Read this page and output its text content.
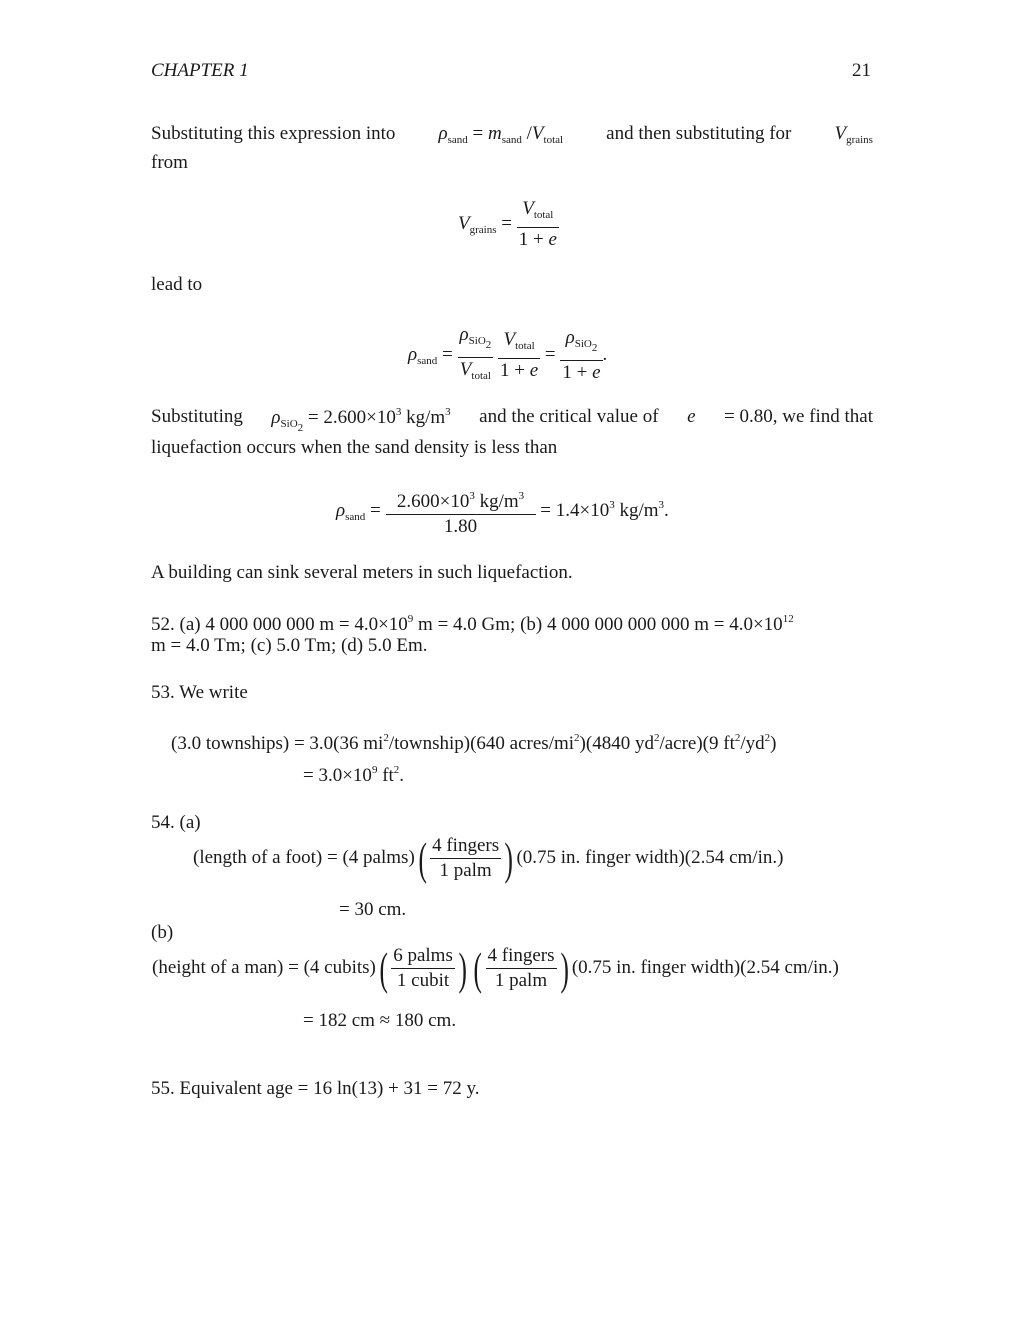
CHAPTER 1	21
Substituting this expression into $\rho_{sand} = m_{sand}$ $/V_{total}$ and then substituting for $V_{grains}$
from
$V_{grains} = \frac{V_{total}}{1 + e}$
lead to
$\rho_{sand} = \frac{\rho_{SiO_2}}{V_{total}}$
$\frac{V_{total}}{1 + e} = \frac{\rho_{SiO_2}}{1 + e}$ .
Substituting $\rho_{SiO_2} = 2.600\times 10^3$ $kg/m^3$ and the critical value of e = 0.80, we find that
liquefaction occurs when the sand density is less than
$\rho_{sand} = \frac{2.600\times 10^3 kg/m^3}{1.80} = 1.4\times 10^3$ $kg/m^3$.
A building can sink several meters in such liquefaction.
52. (a) 4 000 000 000 $m = 4.0\times 10^9$ m = 4.0 Gm; (b) 4 000 000 000 000 $m = 4.0\times 10^{12}$
m = 4.0 Tm; (c) 5.0 Tm; (d) 5.0 Em.
53. We write
(3.0 townships) = 3.0(36 $mi^2/township)(640$ acres/$mi^2)(4840$ $yd^2/acre)(9$ $ft^2/yd^2$)
= $3.0\times 10^9$ $ft^2$.
54. (a)
(length of a foot) = (4 palms)( $\frac{\text{4 fingers}}{\text{1 palm}}$ ) (0.75 in. finger width)(2.54 cm/in.)
= 30 cm.
(b)
(height of a man) = (4 cubits)( $\frac{\text{6 palms}}{\text{1 cubit}}$ ) ( $\frac{\text{4 fingers}}{\text{1 palm}}$ ) (0.75 in. finger width)(2.54 cm/in.)
= 182 cm ≈ 180 cm.
55. Equivalent age = 16 ln(13) + 31 = 72 y.
